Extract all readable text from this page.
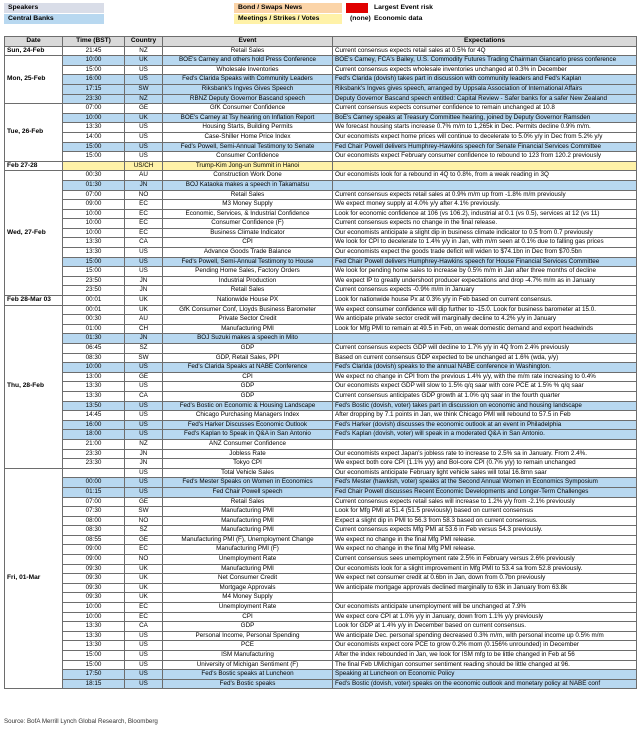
Speakers
Central Banks
Bond / Swaps News
Meetings / Strikes / Votes
Largest Event risk
(none) Economic data
Date	Time (BST)	Country	Event	Expectations
Sun, 24-Feb	21:45	NZ	Retail Sales	Current consensus expects retail sales at 0.5% for 4Q
Mon, 25-Feb	10:00	UK	BOE's Carney and others hold Press Conference	BOE's Carney, FCA's Bailey, U.S. Commodity Futures Trading Chairman Giancarlo press conference
	15:00	US	Wholesale Inventories	Current consensus expects wholesale inventories unchanged at 0.3% in December
	16:00	US	Fed's Clarida Speaks with Community Leaders	Fed's Clarida (dovish) takes part in discussion with community leaders and Fed's Kaplan
	17:15	SW	Riksbank's Ingves Gives Speech	Riksbank's Ingves gives speech, arranged by Uppsala Association of International Affairs
	23:30	NZ	RBNZ Deputy Governor Bascand speech	Deputy Governor Bascand speech entitled: Capital Review - Safer banks for a safer New Zealand
Tue, 26-Feb	07:00	GE	GfK Consumer Confidence	Current consensus expects consumer confidence to remain unchanged at 10.8
	10:00	UK	BOE's Carney at Tsy hearing on Inflation Report	BoE's Carney speaks at Treasury Committee hearing, joined by Deputy Governor Ramsden
	13:30	US	Housing Starts, Building Permits	We forecast housing starts increase 0.7% m/m to 1,265k in Dec. Permits decline 0.9% m/m.
	14:00	US	Case-Shiller Home Price Index	Our economists expect home prices will continue to decelerate to 5.0% y/y in Dec from 5.2% y/y
	15:00	US	Fed's Powell, Semi-Annual Testimony to Senate	Fed Chair Powell delivers Humphrey-Hawkins speech for Senate Financial Services Committee
	15:00	US	Consumer Confidence	Our economists expect February consumer confidence to rebound to 123 from 120.2 previously
Feb 27-28		US/CH	Trump-Kim Jong-un Summit in Hanoi	
Wed, 27-Feb	00:30	AU	Construction Work Done	Our economists look for a rebound in 4Q to 0.8%, from a weak reading in 3Q
	01:30	JN	BOJ Kataoka makes a speech in Takamatsu	
	07:00	NO	Retail Sales	Current consensus expects retail sales at 0.9% m/m up from -1.8% m/m previously
	09:00	EC	M3 Money Supply	We expect money supply at 4.0% y/y after 4.1% previously.
	10:00	EC	Economic, Services, & Industrial Confidence	Look for economic confidence at 106 (vs 106.2), industrial at 0.1 (vs 0.5), services at 12 (vs 11)
	10:00	EC	Consumer Confidence (F)	Current consensus expects no change in the final release.
	10:00	EC	Business Climate Indicator	Our economists anticipate a slight dip in business climate indicator to 0.5 from 0.7 previously
	13:30	CA	CPI	We look for CPI to decelerate to 1.4% y/y in Jan, with m/m seen at 0.1% due to falling gas prices
	13:30	US	Advance Goods Trade Balance	Our economists expect the goods trade deficit will widen to $74.1bn in Dec from $70.5bn
	15:00	US	Fed's Powell, Semi-Annual Testimony to House	Fed Chair Powell delivers Humphrey-Hawkins speech for House Financial Services Committee
	15:00	US	Pending Home Sales, Factory Orders	We look for pending home sales to increase by 0.5% m/m in Jan after three months of decline
	23:50	JN	Industrial Production	We expect IP to greatly undershoot producer expectations and drop -4.7% m/m as in January
	23:50	JN	Retail Sales	Current consensus expects -0.9% m/m in January
Feb 28-Mar 03	00:01	UK	Nationwide House PX	Look for nationwide house Px at 0.3% y/y in Feb based on current consensus.
Thu, 28-Feb	00:01	UK	GfK Consumer Conf, Lloyds Business Barometer	We expect consumer confidence will dip further to -15.0. Look for business barometer at 15.0.
	00:30	AU	Private Sector Credit	We anticipate private sector credit will marginally decline to 4.2% y/y in January
	01:00	CH	Manufacturing PMI	Look for Mfg PMI to remain at 49.5 in Feb, on weak domestic demand and export headwinds
	01:30	JN	BOJ Suzuki makes a speech in Mito	
	06:45	SZ	GDP	Current consensus expects GDP will decline to 1.7% y/y in 4Q from 2.4% previously
	08:30	SW	GDP, Retail Sales, PPI	Based on current consensus GDP expected to be unchanged at 1.6% (wda, y/y)
	10:00	US	Fed's Clarida Speaks at NABE Conference	Fed's Clarida (dovish) speaks to the annual NABE conference in Washington.
	13:00	GE	CPI	We expect no change in CPI from the previous 1.4% y/y, with the m/m rate increasing to 0.4%
	13:30	US	GDP	Our economists expect GDP will slow to 1.5% q/q saar with core PCE at 1.5% % q/q saar
	13:30	CA	GDP	Current consensus anticipates GDP growth at 1.0% q/q saar in the fourth quarter
	13:50	US	Fed's Bostic on Economic & Housing Landscape	Fed's Bostic (dovish, voter) takes part in discussion on economic and housing landscape
	14:45	US	Chicago Purchasing Managers Index	After dropping by 7.1 points in Jan, we think Chicago PMI will rebound to 57.5 in Feb
	16:00	US	Fed's Harker Discusses Economic Outlook	Fed's Harker (dovish) discusses the economic outlook at an event in Philadelphia
	18:00	US	Fed's Kaplan to Speak in Q&A in San Antonio	Fed's Kaplan (dovish, voter) will speak in a moderated Q&A in San Antonio.
	21:00	NZ	ANZ Consumer Confidence	
	23:30	JN	Jobless Rate	Our economists expect Japan's jobless rate to increase to 2.5% sa in January. From 2.4%.
	23:30	JN	Tokyo CPI	We expect both core CPI (1.1% y/y) and Bol-core CPI (0.7% y/y) to remain unchanged
Fri, 01-Mar		US	Total Vehicle Sales	Our economists anticipate February light vehicle sales will total 16.8mn saar
	00:00	US	Fed's Mester Speaks on Women in Economics	Fed's Mester (hawkish, voter) speaks at the Second Annual Women in Economics Symposium
	01:15	US	Fed Chair Powell speech	Fed Chair Powell discusses Recent Economic Developments and Longer-Term Challenges
	07:00	GE	Retail Sales	Current consensus expects retail sales will increase to 1.2% y/y from -2.1% previously
	07:30	SW	Manufacturing PMI	Look for Mfg PMI at 51.4 (51.5 previously) based on current consensus
	08:00	NO	Manufacturing PMI	Expect a slight dip in PMI to 56.3 from 58.3 based on current consensus.
	08:30	SZ	Manufacturing PMI	Current consensus expects Mfg PMI at 53.6 in Feb versus 54.3 previously.
	08:55	GE	Manufacturing PMI (F), Unemployment Change	We expect no change in the final Mfg PMI release.
	09:00	EC	Manufacturing PMI (F)	We expect no change in the final Mfg PMI release.
	09:00	NO	Unemployment Rate	Current consensus sees unemployment rate 2.5% in February versus 2.6% previously
	09:30	UK	Manufacturing PMI	Our economists look for a slight improvement in Mfg PMI to 53.4 sa from 52.8 previously.
	09:30	UK	Net Consumer Credit	We expect net consumer credit at 0.6bn in Jan, down from 0.7bn previously
	09:30	UK	Mortgage Approvals	We anticipate mortgage approvals declined marginally to 63k in January from 63.8k
	09:30	UK	M4 Money Supply	
	10:00	EC	Unemployment Rate	Our economists anticipate unemployment will be unchanged at 7.9%
	10:00	EC	CPI	We expect core CPI at 1.0% y/y in January, down from 1.1% y/y previously
	13:30	CA	GDP	Look for GDP at 1.4% y/y in December based on current consensus.
	13:30	US	Personal Income, Personal Spending	We anticipate Dec. personal spending decreased 0.3% m/m, with personal income up 0.5% m/m
	13:30	US	PCE	Our economists expect core PCE to grow 0.2% mom (0.156% unrounded) in December
	15:00	US	ISM Manufacturing	After the index rebounded in Jan, we look for ISM mfg to be little changed in Feb at 56
	15:00	US	University of Michigan Sentiment (F)	The final Feb UMichigan consumer sentiment reading should be little changed at 96.
	17:50	US	Fed's Bostic speaks at Luncheon	Speaking at Luncheon on Economic Policy
	18:15	US	Fed's Bostic speaks	Fed's Bostic (dovish, voter) speaks on the economic outlook and monetary policy at NABE conf
Source: BofA Merrill Lynch Global Research, Bloomberg
